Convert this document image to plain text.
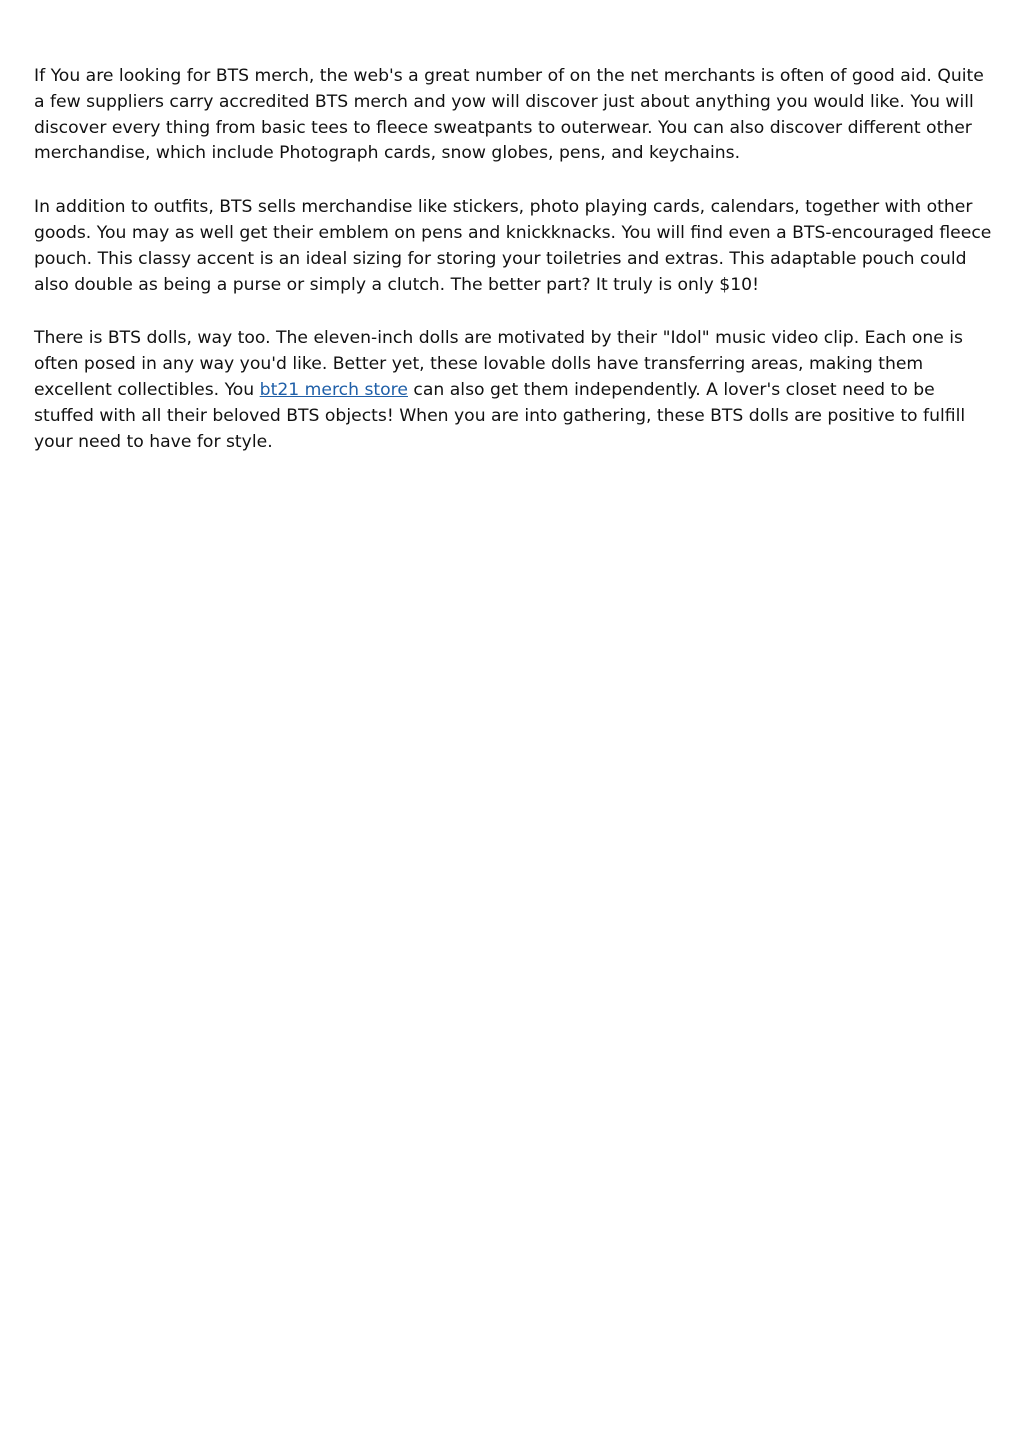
If You are looking for BTS merch, the web's a great number of on the net merchants is often of good aid. Quite a few suppliers carry accredited BTS merch and yow will discover just about anything you would like. You will discover every thing from basic tees to fleece sweatpants to outerwear. You can also discover different other merchandise, which include Photograph cards, snow globes, pens, and keychains.

In addition to outfits, BTS sells merchandise like stickers, photo playing cards, calendars, together with other goods. You may as well get their emblem on pens and knickknacks. You will find even a BTS-encouraged fleece pouch. This classy accent is an ideal sizing for storing your toiletries and extras. This adaptable pouch could also double as being a purse or simply a clutch. The better part? It truly is only $10!

There is BTS dolls, way too. The eleven-inch dolls are motivated by their "Idol" music video clip. Each one is often posed in any way you'd like. Better yet, these lovable dolls have transferring areas, making them excellent collectibles. You bt21 merch store can also get them independently. A lover's closet need to be stuffed with all their beloved BTS objects! When you are into gathering, these BTS dolls are positive to fulfill your need to have for style.
